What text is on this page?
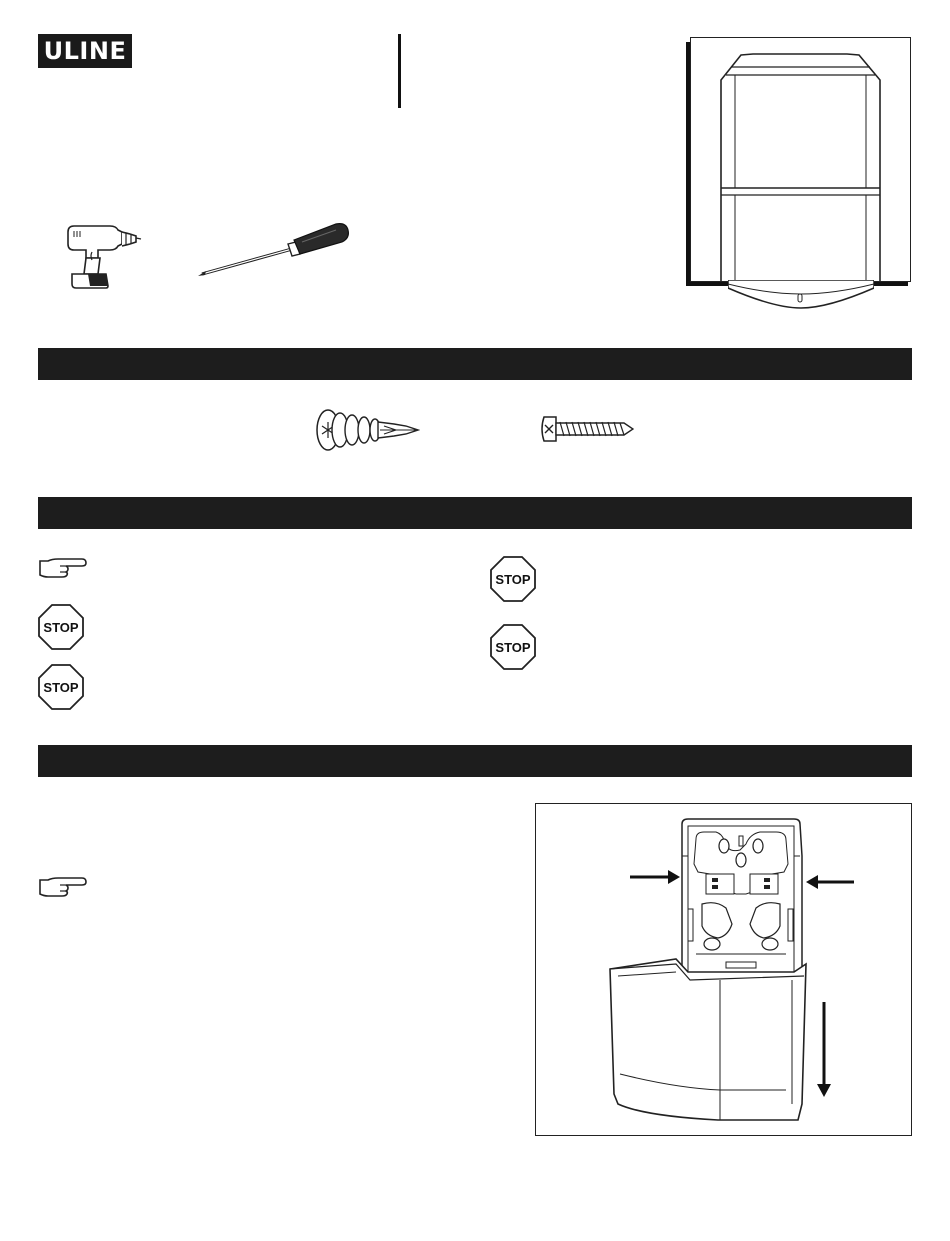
ULINE
STOP
STOP
STOP
STOP
